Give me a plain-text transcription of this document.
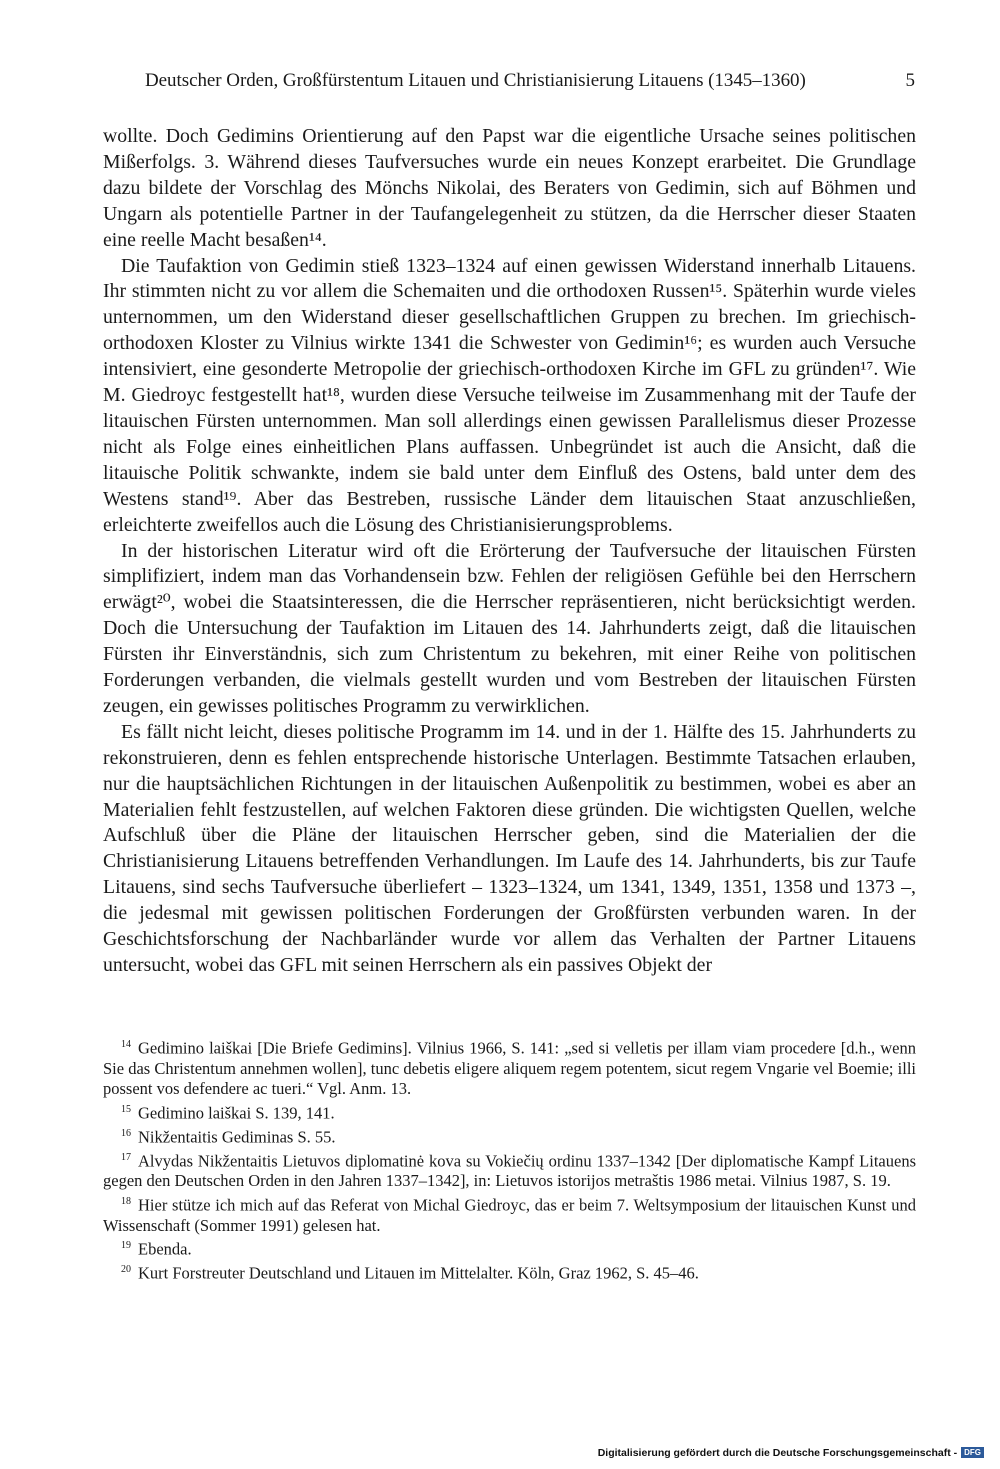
Deutscher Orden, Großfürstentum Litauen und Christianisierung Litauens (1345–1360)	5

wollte. Doch Gedimins Orientierung auf den Papst war die eigentliche Ursache seines politischen Mißerfolgs. 3. Während dieses Taufversuches wurde ein neues Konzept erarbeitet. Die Grundlage dazu bildete der Vorschlag des Mönchs Nikolai, des Beraters von Gedimin, sich auf Böhmen und Ungarn als potentielle Partner in der Taufangelegenheit zu stützen, da die Herrscher dieser Staaten eine reelle Macht besaßen¹⁴.

Die Taufaktion von Gedimin stieß 1323–1324 auf einen gewissen Widerstand innerhalb Litauens. Ihr stimmten nicht zu vor allem die Schemaiten und die orthodoxen Russen¹⁵. Späterhin wurde vieles unternommen, um den Widerstand dieser gesellschaftlichen Gruppen zu brechen. Im griechisch-orthodoxen Kloster zu Vilnius wirkte 1341 die Schwester von Gedimin¹⁶; es wurden auch Versuche intensiviert, eine gesonderte Metropolie der griechisch-orthodoxen Kirche im GFL zu gründen¹⁷. Wie M. Giedroyc festgestellt hat¹⁸, wurden diese Versuche teilweise im Zusammenhang mit der Taufe der litauischen Fürsten unternommen. Man soll allerdings einen gewissen Parallelismus dieser Prozesse nicht als Folge eines einheitlichen Plans auffassen. Unbegründet ist auch die Ansicht, daß die litauische Politik schwankte, indem sie bald unter dem Einfluß des Ostens, bald unter dem des Westens stand¹⁹. Aber das Bestreben, russische Länder dem litauischen Staat anzuschließen, erleichterte zweifellos auch die Lösung des Christianisierungsproblems.

In der historischen Literatur wird oft die Erörterung der Taufversuche der litauischen Fürsten simplifiziert, indem man das Vorhandensein bzw. Fehlen der religiösen Gefühle bei den Herrschern erwägt²⁰, wobei die Staatsinteressen, die die Herrscher repräsentieren, nicht berücksichtigt werden. Doch die Untersuchung der Taufaktion im Litauen des 14. Jahrhunderts zeigt, daß die litauischen Fürsten ihr Einverständnis, sich zum Christentum zu bekehren, mit einer Reihe von politischen Forderungen verbanden, die vielmals gestellt wurden und vom Bestreben der litauischen Fürsten zeugen, ein gewisses politisches Programm zu verwirklichen.

Es fällt nicht leicht, dieses politische Programm im 14. und in der 1. Hälfte des 15. Jahrhunderts zu rekonstruieren, denn es fehlen entsprechende historische Unterlagen. Bestimmte Tatsachen erlauben, nur die hauptsächlichen Richtungen in der litauischen Außenpolitik zu bestimmen, wobei es aber an Materialien fehlt festzustellen, auf welchen Faktoren diese gründen. Die wichtigsten Quellen, welche Aufschluß über die Pläne der litauischen Herrscher geben, sind die Materialien der die Christianisierung Litauens betreffenden Verhandlungen. Im Laufe des 14. Jahrhunderts, bis zur Taufe Litauens, sind sechs Taufversuche überliefert – 1323–1324, um 1341, 1349, 1351, 1358 und 1373 –, die jedesmal mit gewissen politischen Forderungen der Großfürsten verbunden waren. In der Geschichtsforschung der Nachbarländer wurde vor allem das Verhalten der Partner Litauens untersucht, wobei das GFL mit seinen Herrschern als ein passives Objekt der

$^{14}$ Gedimino laiškai [Die Briefe Gedimins]. Vilnius 1966, S. 141: „sed si velletis per illam viam procedere [d.h., wenn Sie das Christentum annehmen wollen], tunc debetis eligere aliquem regem potentem, sicut regem Vngarie vel Boemie; illi possent vos defendere ac tueri.“ Vgl. Anm. 13.

$^{15}$ Gedimino laiškai S. 139, 141.

$^{16}$ Nikžentaitis Gediminas S. 55.

$^{17}$ Alvydas Nikžentaitis Lietuvos diplomatinė kova su Vokiečių ordinu 1337–1342 [Der diplomatische Kampf Litauens gegen den Deutschen Orden in den Jahren 1337–1342], in: Lietuvos istorijos metraštis 1986 metai. Vilnius 1987, S. 19.

$^{18}$ Hier stütze ich mich auf das Referat von Michal Giedroyc, das er beim 7. Weltsymposium der litauischen Kunst und Wissenschaft (Sommer 1991) gelesen hat.

$^{19}$ Ebenda.

$^{20}$ Kurt Forstreuter Deutschland und Litauen im Mittelalter. Köln, Graz 1962, S. 45–46.

Digitalisierung gefördert durch die Deutsche Forschungsgemeinschaft - DFG
